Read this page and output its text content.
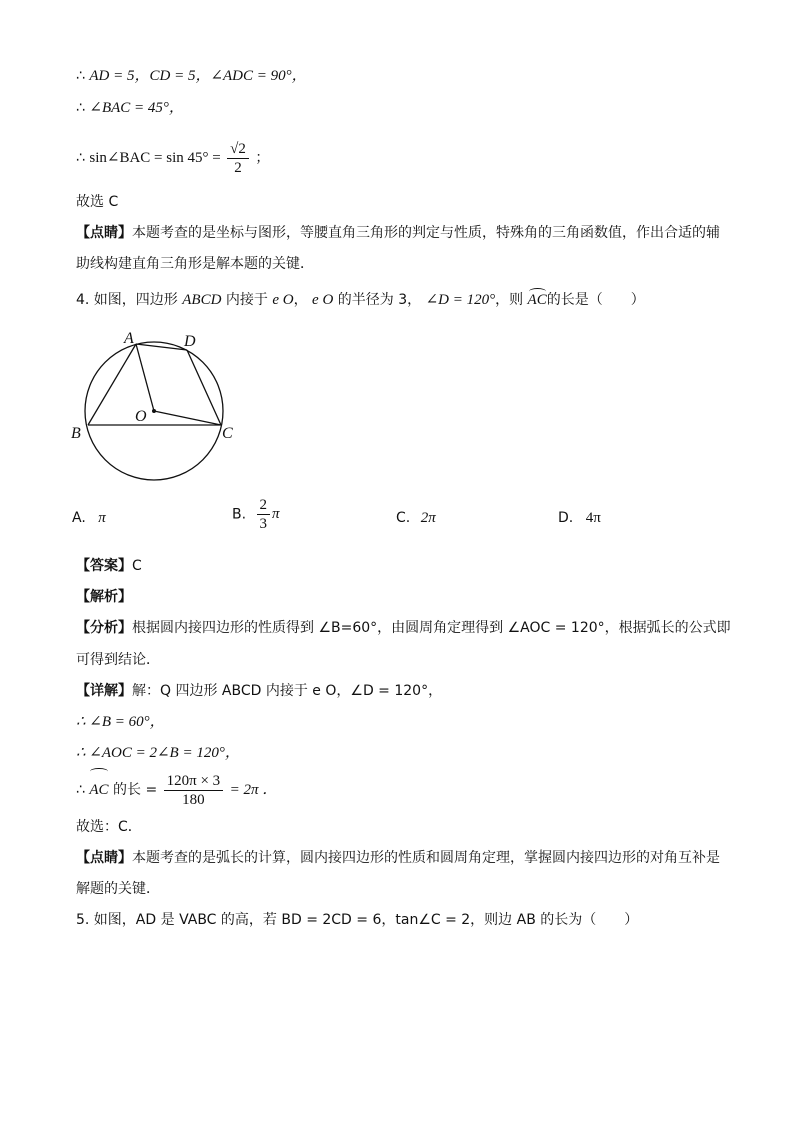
∴ AD = 5，CD = 5，∠ADC = 90°，
∴ ∠BAC = 45°，
∴ sin∠BAC = $\sin 45^\circ = \frac{√2}{2}$ ；
故选 C
【点睛】本题考查的是坐标与图形，等腰直角三角形的判定与性质，特殊角的三角函数值，作出合适的辅
助线构建直角三角形是解本题的关键．
4. 如图，四边形 ABCD 内接于 e O， e O 的半径为 3， ∠D = 120°，则 AC的长是（　　）
A	D
O
B	C
A. π	B. $\frac{2}{3}$ π	C. 2π	D. 4π
【答案】C
【解析】
【分析】根据圆内接四边形的性质得到 ∠B=60°，由圆周角定理得到 ∠AOC = 120°，根据弧长的公式即
可得到结论．
【详解】解：Q 四边形 ABCD 内接于 e O，∠D = 120°，
∴ ∠B = 60°，
∴ ∠AOC = 2∠B = 120°，
∴ AC 的长 = $\frac{120\pi \times 3}{180} = 2\pi$ ．
故选：C．
【点睛】本题考查的是弧长的计算，圆内接四边形的性质和圆周角定理，掌握圆内接四边形的对角互补是
解题的关键．
5. 如图，AD 是 VABC 的高，若 BD = 2CD = 6，tan∠C = 2，则边 AB 的长为（　　）
